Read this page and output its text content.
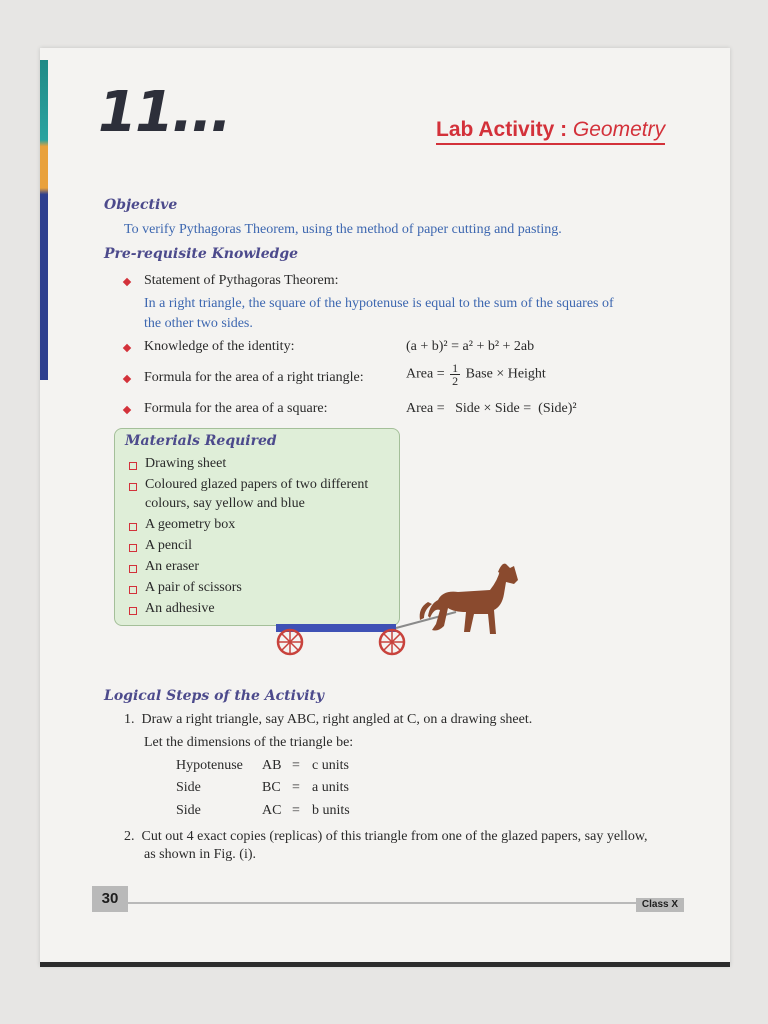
11...	Lab Activity : Geometry
Objective
To verify Pythagoras Theorem, using the method of paper cutting and pasting.
Pre-requisite Knowledge
Statement of Pythagoras Theorem:
In a right triangle, the square of the hypotenuse is equal to the sum of the squares of
the other two sides.
Knowledge of the identity:	(a + b)² = a² + b² + 2ab
Formula for the area of a right triangle:	Area = $\frac{1}{2}$ Base × Height
Formula for the area of a square:	Area =   Side × Side =  (Side)²
Materials Required
Drawing sheet
Coloured glazed papers of two different
colours, say yellow and blue
A geometry box
A pencil
An eraser
A pair of scissors
An adhesive
Logical Steps of the Activity
1.  Draw a right triangle, say ABC, right angled at C, on a drawing sheet.
Let the dimensions of the triangle be:
Hypotenuse AB = c units
Side	BC = a units
Side	AC = b units
2.  Cut out 4 exact copies (replicas) of this triangle from one of the glazed papers, say yellow,
as shown in Fig. (i).
30	Class X
